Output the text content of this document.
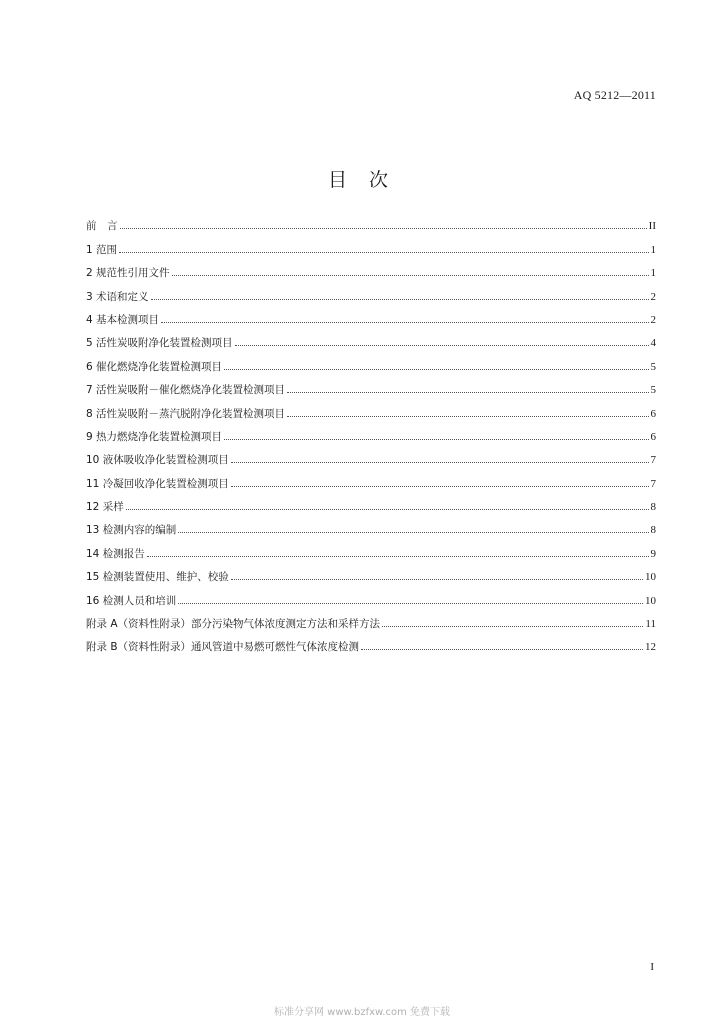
AQ 5212—2011
目 次
前　言	II
1 范围	1
2 规范性引用文件	1
3 术语和定义	2
4 基本检测项目	2
5 活性炭吸附净化装置检测项目	4
6 催化燃烧净化装置检测项目	5
7 活性炭吸附－催化燃烧净化装置检测项目	5
8 活性炭吸附－蒸汽脱附净化装置检测项目	6
9 热力燃烧净化装置检测项目	6
10 液体吸收净化装置检测项目	7
11 冷凝回收净化装置检测项目	7
12 采样	8
13 检测内容的编制	8
14 检测报告	9
15 检测装置使用、维护、校验	10
16 检测人员和培训	10
附录 A（资料性附录）部分污染物气体浓度测定方法和采样方法	11
附录 B（资料性附录）通风管道中易燃可燃性气体浓度检测	12
I
标准分享网 www.bzfxw.com 免费下载
